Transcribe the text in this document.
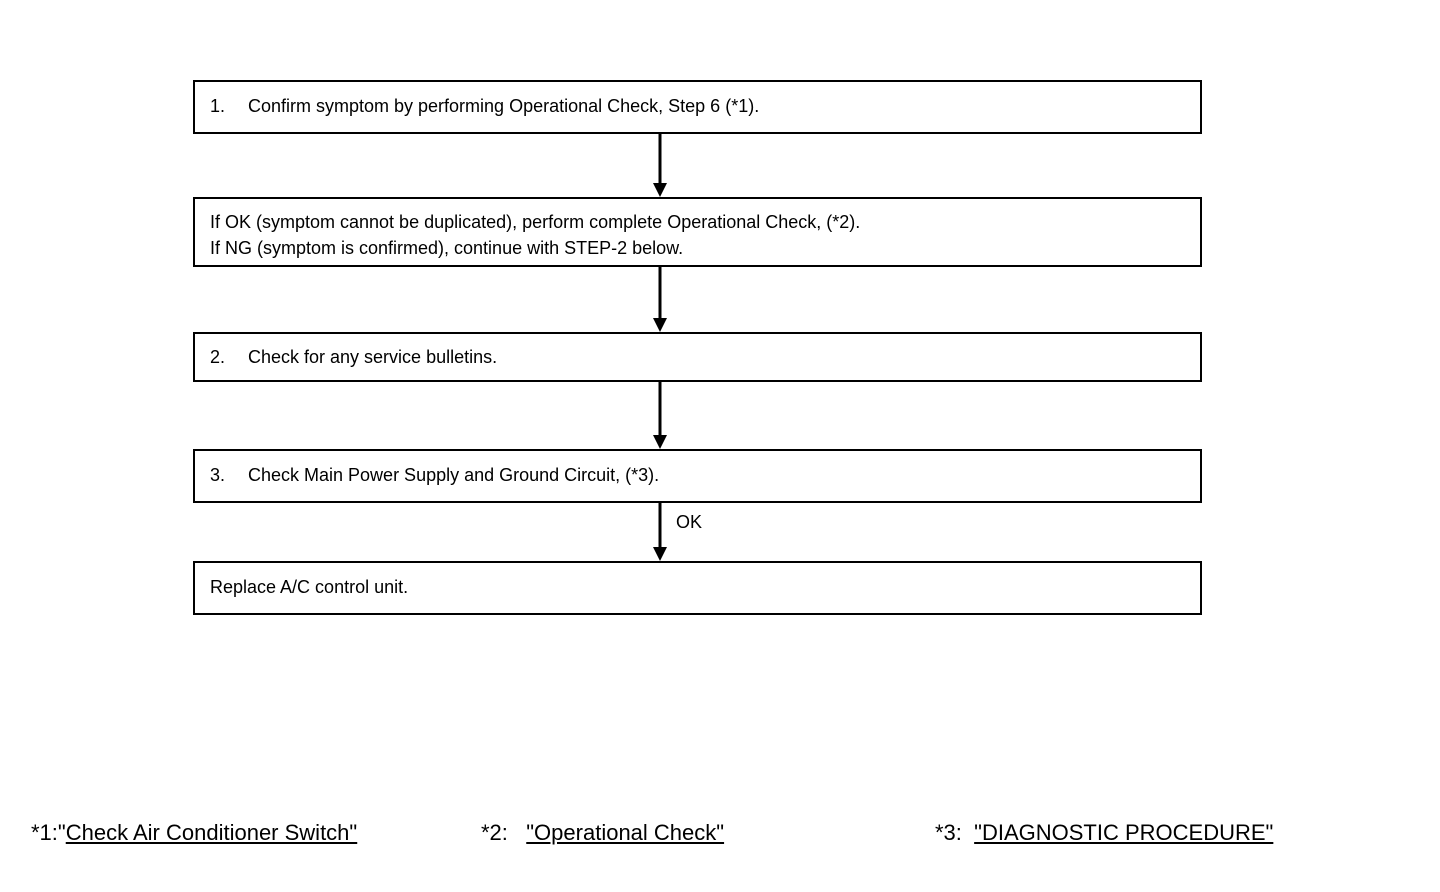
1. Confirm symptom by performing Operational Check, Step 6 (*1).
If OK (symptom cannot be duplicated), perform complete Operational Check, (*2).
If NG (symptom is confirmed), continue with STEP-2 below.
2. Check for any service bulletins.
3. Check Main Power Supply and Ground Circuit, (*3).
Replace A/C control unit.
OK
*1:"Check Air Conditioner Switch"	*2:   "Operational Check"	*3:  "DIAGNOSTIC PROCEDURE"
